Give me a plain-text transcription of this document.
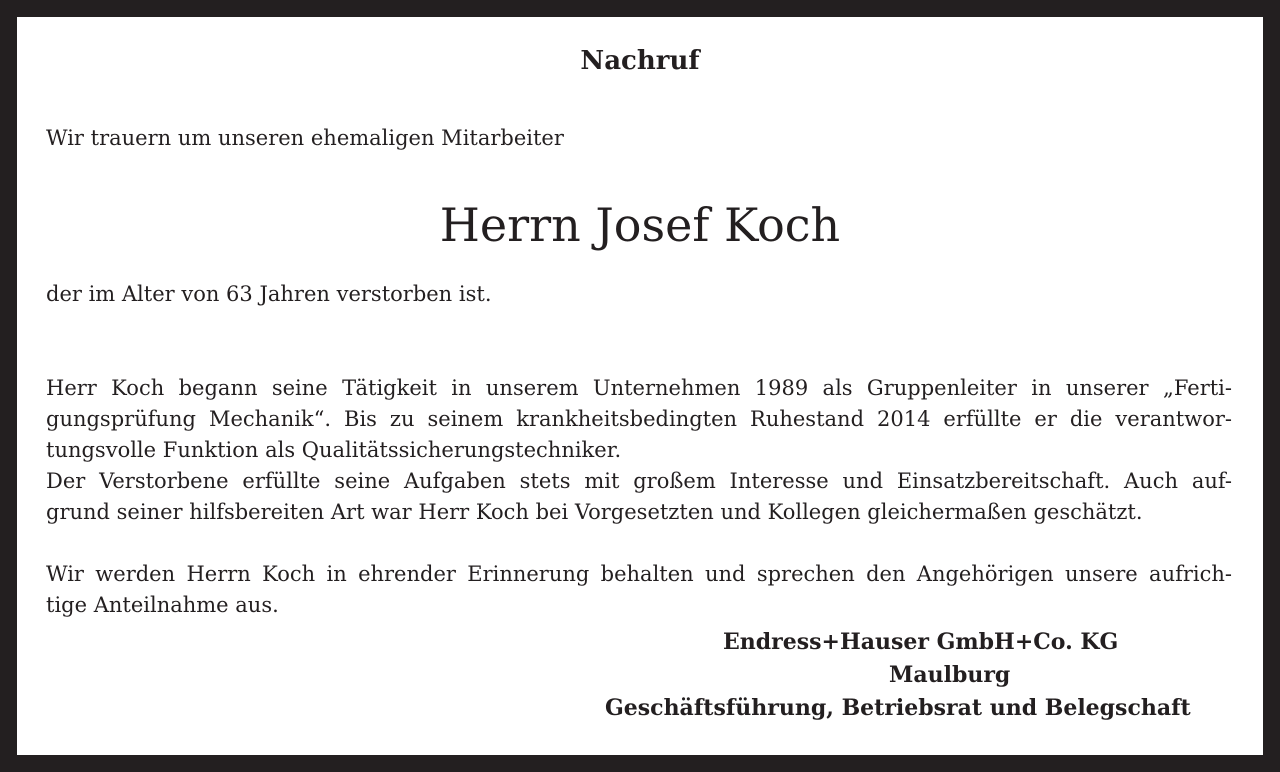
Nachruf
Wir trauern um unseren ehemaligen Mitarbeiter
Herrn Josef Koch
der im Alter von 63 Jahren verstorben ist.
Herr Koch begann seine Tätigkeit in unserem Unternehmen 1989 als Gruppenleiter in unserer „Ferti-
gungsprüfung Mechanik“. Bis zu seinem krankheitsbedingten Ruhestand 2014 erfüllte er die verantwor-
tungsvolle Funktion als Qualitätssicherungstechniker.
Der Verstorbene erfüllte seine Aufgaben stets mit großem Interesse und Einsatzbereitschaft. Auch auf-
grund seiner hilfsbereiten Art war Herr Koch bei Vorgesetzten und Kollegen gleichermaßen geschätzt.
Wir werden Herrn Koch in ehrender Erinnerung behalten und sprechen den Angehörigen unsere aufrich-
tige Anteilnahme aus.
Endress+Hauser GmbH+Co. KG
Maulburg
Geschäftsführung, Betriebsrat und Belegschaft
